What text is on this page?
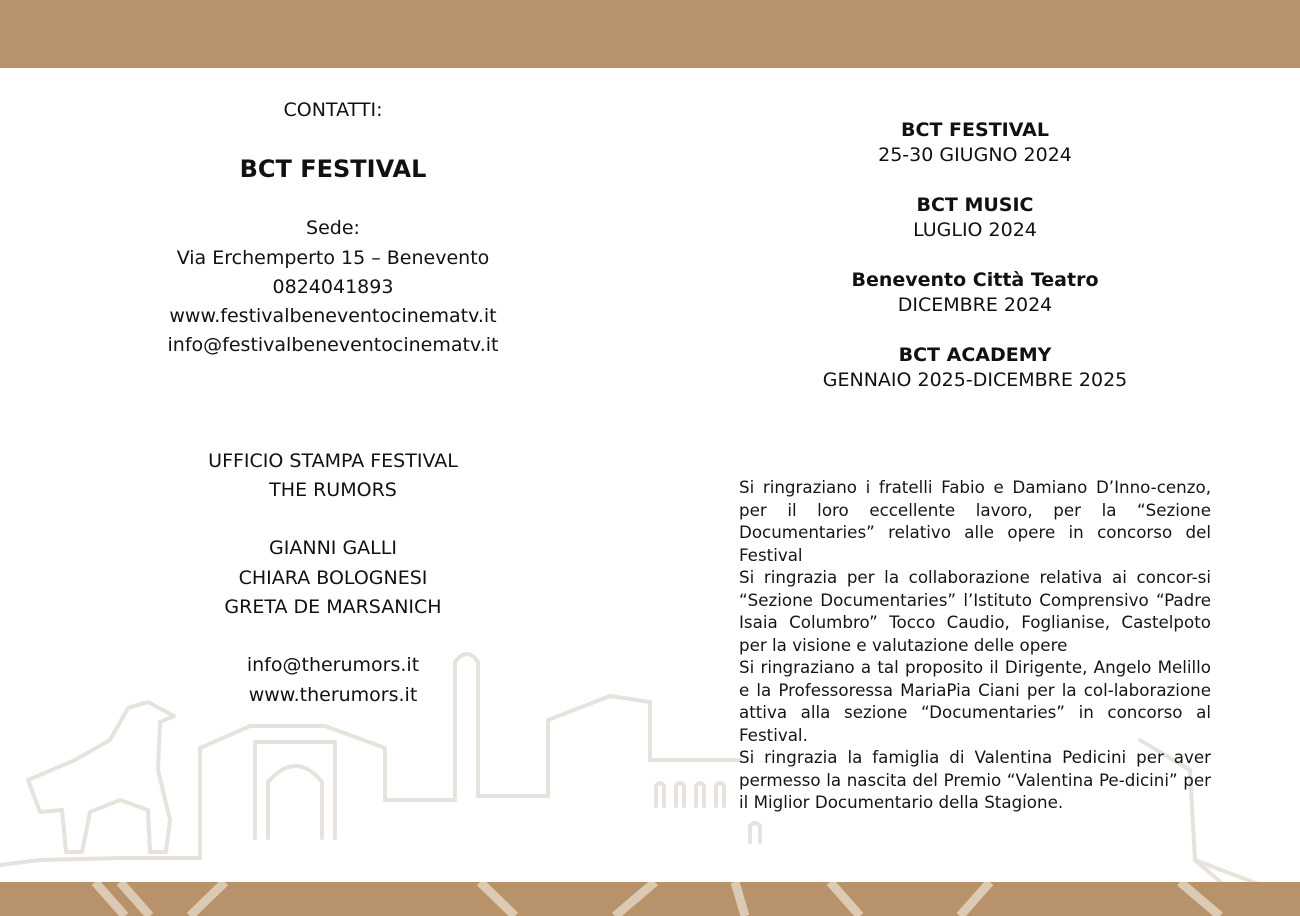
CONTATTI:
BCT FESTIVAL
Sede:
Via Erchemperto 15 – Benevento
0824041893
www.festivalbeneventocinematv.it
info@festivalbeneventocinematv.it
UFFICIO STAMPA FESTIVAL
THE RUMORS
GIANNI GALLI
CHIARA BOLOGNESI
GRETA DE MARSANICH
info@therumors.it
www.therumors.it
BCT FESTIVAL
25-30 GIUGNO 2024
BCT MUSIC
LUGLIO 2024
Benevento Città Teatro
DICEMBRE 2024
BCT ACADEMY
GENNAIO 2025-DICEMBRE 2025

Si ringraziano i fratelli Fabio e Damiano D’Inno-cenzo, per il loro eccellente lavoro, per la “Sezione Documentaries” relativo alle opere in concorso del Festival

Si ringrazia per la collaborazione relativa ai concor-si “Sezione Documentaries” l’Istituto Comprensivo “Padre Isaia Columbro” Tocco Caudio, Foglianise, Castelpoto per la visione e valutazione delle opere

Si ringraziano a tal proposito il Dirigente, Angelo Melillo e la Professoressa MariaPia Ciani per la col-laborazione attiva alla sezione “Documentaries” in concorso al Festival.

Si ringrazia la famiglia di Valentina Pedicini per aver permesso la nascita del Premio “Valentina Pe-dicini” per il Miglior Documentario della Stagione.
